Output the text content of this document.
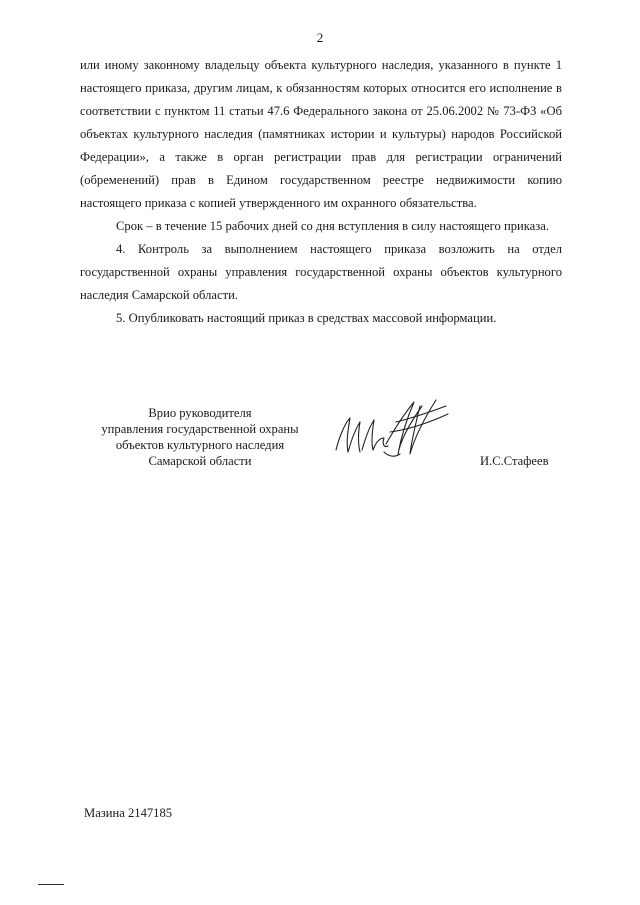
2

или иному законному владельцу объекта культурного наследия, указанного в пункте 1 настоящего приказа, другим лицам, к обязанностям которых относится его исполнение в соответствии с пунктом 11 статьи 47.6 Федерального закона от 25.06.2002 № 73-ФЗ «Об объектах культурного наследия (памятниках истории и культуры) народов Российской Федерации», а также в орган регистрации прав для регистрации ограничений (обременений) прав в Едином государственном реестре недвижимости копию настоящего приказа с копией утвержденного им охранного обязательства.

Срок – в течение 15 рабочих дней со дня вступления в силу настоящего приказа.

4. Контроль за выполнением настоящего приказа возложить на отдел государственной охраны управления государственной охраны объектов культурного наследия Самарской области.

5. Опубликовать настоящий приказ в средствах массовой информации.

Врио руководителя
управления государственной охраны
объектов культурного наследия
Самарской области	И.С.Стафеев
Мазина 2147185
